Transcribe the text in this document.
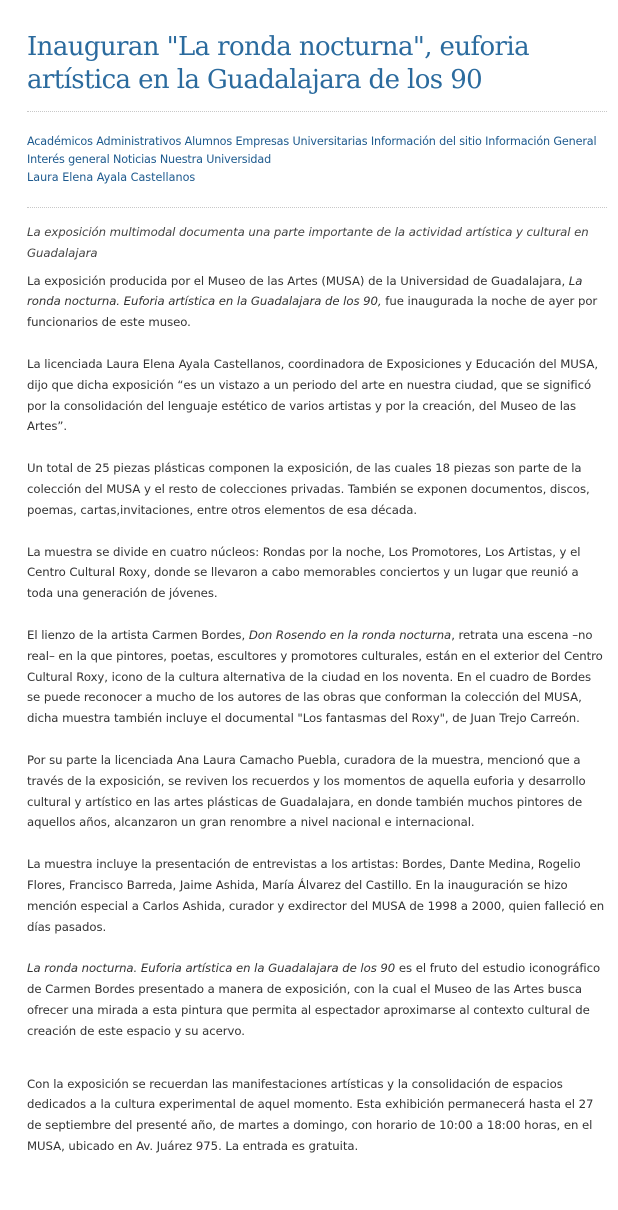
Inauguran "La ronda nocturna", euforia artística en la Guadalajara de los 90
Académicos Administrativos Alumnos Empresas Universitarias Información del sitio Información General Interés general Noticias Nuestra Universidad
Laura Elena Ayala Castellanos

La exposición multimodal documenta una parte importante de la actividad artística y cultural en Guadalajara

La exposición producida por el Museo de las Artes (MUSA) de la Universidad de Guadalajara, La ronda nocturna. Euforia artística en la Guadalajara de los 90, fue inaugurada la noche de ayer por funcionarios de este museo.

La licenciada Laura Elena Ayala Castellanos, coordinadora de Exposiciones y Educación del MUSA, dijo que dicha exposición “es un vistazo a un periodo del arte en nuestra ciudad, que se significó por la consolidación del lenguaje estético de varios artistas y por la creación, del Museo de las Artes”.

Un total de 25 piezas plásticas componen la exposición, de las cuales 18 piezas son parte de la colección del MUSA y el resto de colecciones privadas. También se exponen documentos, discos, poemas, cartas,invitaciones, entre otros elementos de esa década.

La muestra se divide en cuatro núcleos: Rondas por la noche, Los Promotores, Los Artistas, y el Centro Cultural Roxy, donde se llevaron a cabo memorables conciertos y un lugar que reunió a toda una generación de jóvenes.

El lienzo de la artista Carmen Bordes, Don Rosendo en la ronda nocturna, retrata una escena –no real– en la que pintores, poetas, escultores y promotores culturales, están en el exterior del Centro Cultural Roxy, icono de la cultura alternativa de la ciudad en los noventa. En el cuadro de Bordes se puede reconocer a mucho de los autores de las obras que conforman la colección del MUSA, dicha muestra también incluye el documental "Los fantasmas del Roxy", de Juan Trejo Carreón.

Por su parte la licenciada Ana Laura Camacho Puebla, curadora de la muestra, mencionó que a través de la exposición, se reviven los recuerdos y los momentos de aquella euforia y desarrollo cultural y artístico en las artes plásticas de Guadalajara, en donde también muchos pintores de aquellos años, alcanzaron un gran renombre a nivel nacional e internacional.

La muestra incluye la presentación de entrevistas a los artistas: Bordes, Dante Medina, Rogelio Flores, Francisco Barreda, Jaime Ashida, María Álvarez del Castillo. En la inauguración se hizo mención especial a Carlos Ashida, curador y exdirector del MUSA de 1998 a 2000, quien falleció en días pasados.

La ronda nocturna. Euforia artística en la Guadalajara de los 90 es el fruto del estudio iconográfico de Carmen Bordes presentado a manera de exposición, con la cual el Museo de las Artes busca ofrecer una mirada a esta pintura que permita al espectador aproximarse al contexto cultural de creación de este espacio y su acervo.

Con la exposición se recuerdan las manifestaciones artísticas y la consolidación de espacios dedicados a la cultura experimental de aquel momento. Esta exhibición permanecerá hasta el 27 de septiembre del presenté año, de martes a domingo, con horario de 10:00 a 18:00 horas, en el MUSA, ubicado en Av. Juárez 975. La entrada es gratuita.
